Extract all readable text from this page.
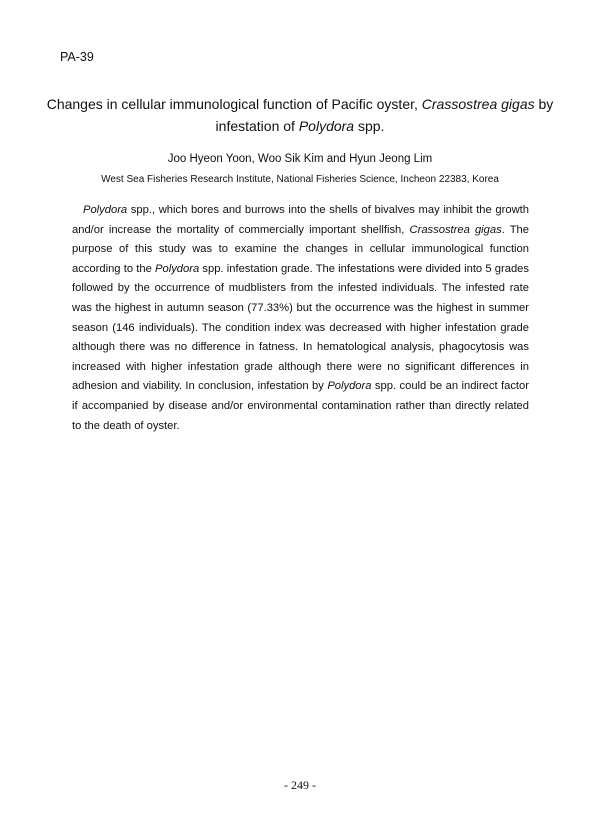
PA-39
Changes in cellular immunological function of Pacific oyster, Crassostrea gigas by infestation of Polydora spp.
Joo Hyeon Yoon, Woo Sik Kim and Hyun Jeong Lim
West Sea Fisheries Research Institute, National Fisheries Science, Incheon 22383, Korea

Polydora spp., which bores and burrows into the shells of bivalves may inhibit the growth and/or increase the mortality of commercially important shellfish, Crassostrea gigas. The purpose of this study was to examine the changes in cellular immunological function according to the Polydora spp. infestation grade. The infestations were divided into 5 grades followed by the occurrence of mudblisters from the infested individuals. The infested rate was the highest in autumn season (77.33%) but the occurrence was the highest in summer season (146 individuals). The condition index was decreased with higher infestation grade although there was no difference in fatness. In hematological analysis, phagocytosis was increased with higher infestation grade although there were no significant differences in adhesion and viability. In conclusion, infestation by Polydora spp. could be an indirect factor if accompanied by disease and/or environmental contamination rather than directly related to the death of oyster.

- 249 -
